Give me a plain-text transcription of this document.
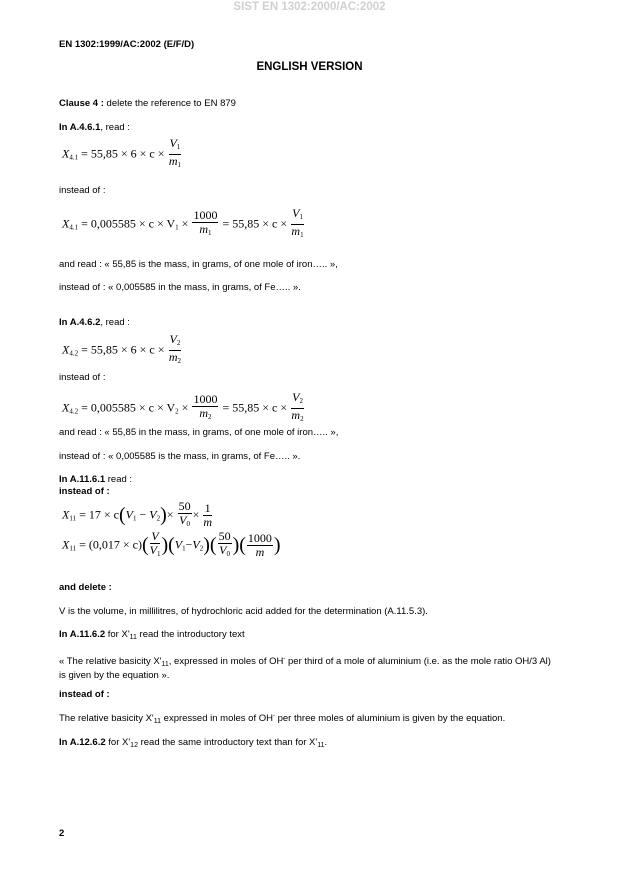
SIST EN 1302:2000/AC:2002
EN 1302:1999/AC:2002 (E/F/D)
ENGLISH VERSION
Clause 4 : delete the reference to EN 879
In A.4.6.1, read :
$X_{4.1} = 55,85 \times 6 \times c \times \frac{V_1}{m_1}$
instead of :
$X_{4.1} = 0,005585 \times c \times V_1 \times \frac{1000}{m_1} = 55,85 \times c \times \frac{V_1}{m_1}$
and read : « 55,85 is the mass, in grams, of one mole of iron….. »,
instead of : « 0,005585 in the mass, in grams, of Fe….. ».
In A.4.6.2, read :
$X_{4.2} = 55,85 \times 6 \times c \times \frac{V_2}{m_2}$
instead of :
$X_{4.2} = 0,005585 \times c \times V_2 \times \frac{1000}{m_2} = 55,85 \times c \times \frac{V_2}{m_2}$
and read : « 55,85 in the mass, in grams, of one mole of iron….. »,
instead of : « 0,005585 is the mass, in grams, of Fe….. ».
In A.11.6.1 read :
instead of :
$X_{11} = 17 \times c(V_1 - V_2)\times \frac{50}{V_0} \times \frac{1}{m}$
$X_{11} = (0,017 \times c)( \frac{V}{V_1} )(V_1-V_2)( \frac{50}{V_0}$ )( $\frac{1000}{m}$ )
and delete :
V is the volume, in millilitres, of hydrochloric acid added for the determination (A.11.5.3).
In A.11.6.2 for $X'_{11}$ read the introductory text
« The relative basicity $X'_{11}$, expressed in moles of OH- per third of a mole of aluminium (i.e. as the mole ratio OH/3 Al) is given by the equation ».
instead of :
The relative basicity $X'_{11}$ expressed in moles of OH- per three moles of aluminium is given by the equation.
In A.12.6.2 for $X'_{12}$ read the same introductory text than for $X'_{11}$.
2
